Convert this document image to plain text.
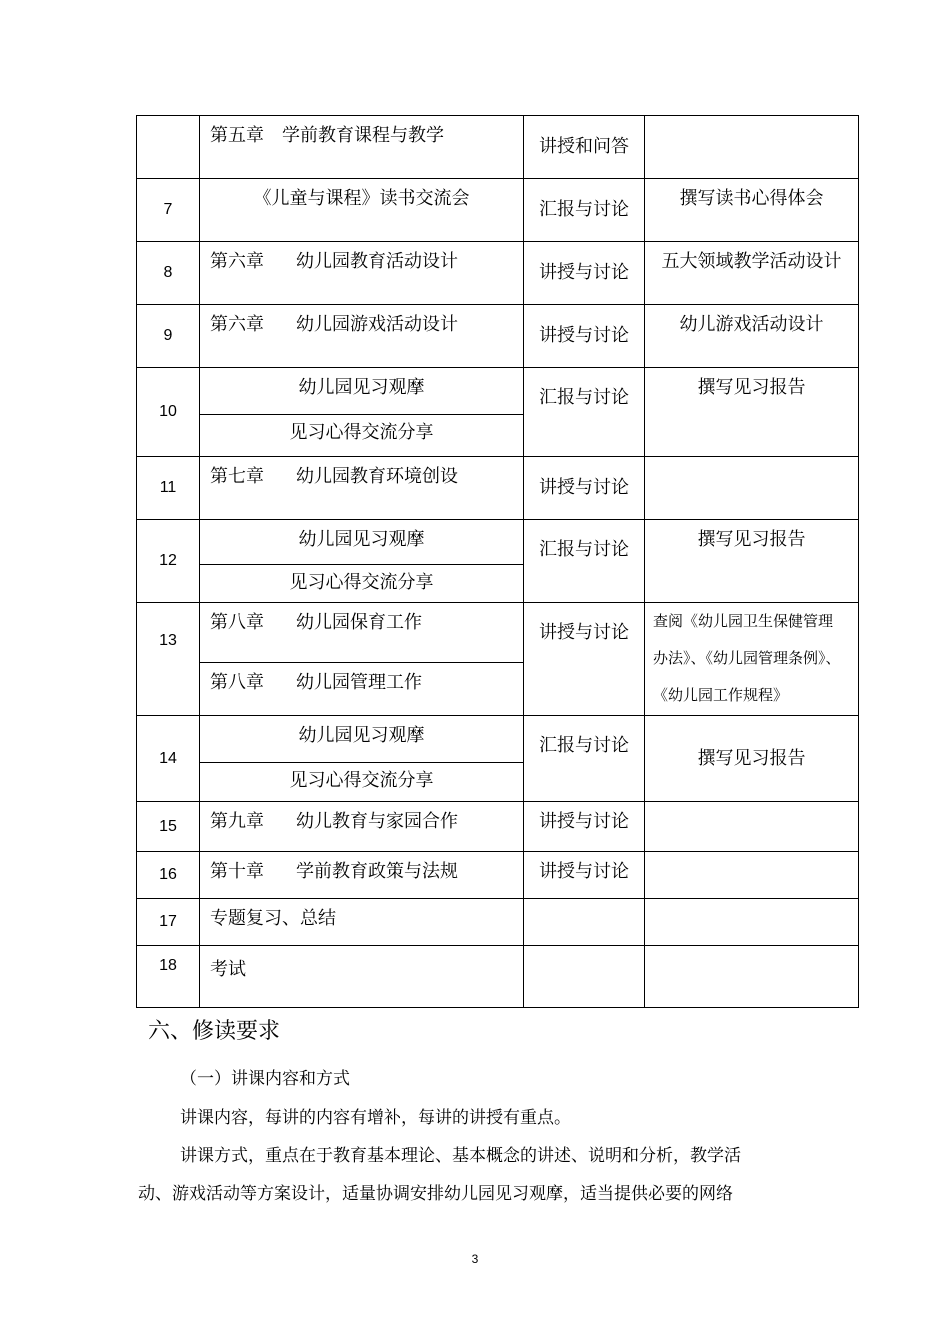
	第五章　学前教育课程与教学	讲授和问答	
7	《儿童与课程》读书交流会	汇报与讨论	撰写读书心得体会
8	第六章 幼儿园教育活动设计	讲授与讨论	五大领域教学活动设计
9	第六章 幼儿园游戏活动设计	讲授与讨论	幼儿游戏活动设计
10	幼儿园见习观摩	汇报与讨论	撰写见习报告
	见习心得交流分享		
11	第七章 幼儿园教育环境创设	讲授与讨论	
12	幼儿园见习观摩	汇报与讨论	撰写见习报告
	见习心得交流分享		
13	第八章 幼儿园保育工作	讲授与讨论	查阅《幼儿园卫生保健管理
办法》、《幼儿园管理条例》、
《幼儿园工作规程》

	第八章 幼儿园管理工作		
14	幼儿园见习观摩	汇报与讨论	撰写见习报告
	见习心得交流分享		
15	第九章 幼儿教育与家园合作	讲授与讨论	
16	第十章 学前教育政策与法规	讲授与讨论	
17	专题复习、总结		
18	考试		
六、修读要求
（一）讲课内容和方式
讲课内容，每讲的内容有增补，每讲的讲授有重点。
讲课方式，重点在于教育基本理论、基本概念的讲述、说明和分析，教学活
动、游戏活动等方案设计，适量协调安排幼儿园见习观摩，适当提供必要的网络
3
